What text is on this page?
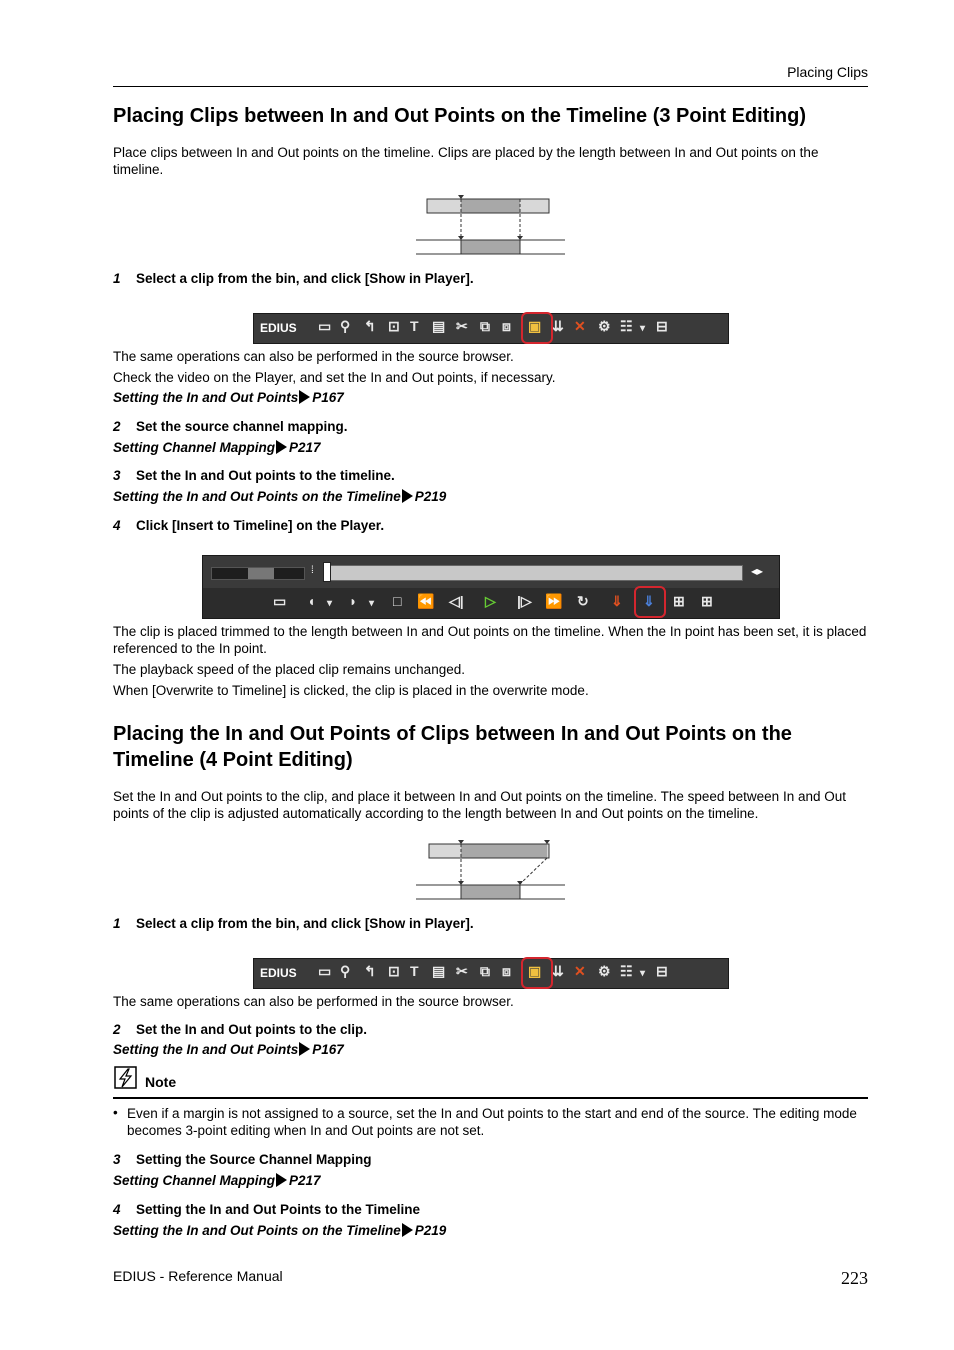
Placing Clips
Placing Clips between In and Out Points on the Timeline (3 Point Editing)
Place clips between In and Out points on the timeline. Clips are placed by the length between In and Out points on the timeline.
1 Select a clip from the bin, and click [Show in Player].
EDIUS ▭ ⚲ ↰ ⊡ T ▤ ✂ ⧉ ⧈ ▣ ⇊ ✕ ⚙ ☷ ▾ ⊟
The same operations can also be performed in the source browser.
Check the video on the Player, and set the In and Out points, if necessary.
Setting the In and Out Points P167
2 Set the source channel mapping.
Setting Channel Mapping P217
3 Set the In and Out points to the timeline.
Setting the In and Out Points on the Timeline P219
4 Click [Insert to Timeline] on the Player.
⁞	◂▸
▭ ◖ ▾ ◗ ▾ □ ⏪ ◁| ▷ |▷ ⏩ ↻ ⇓ ⇓ ⊞ ⊞
The clip is placed trimmed to the length between In and Out points on the timeline. When the In point has been set, it is placed referenced to the In point.
The playback speed of the placed clip remains unchanged.
When [Overwrite to Timeline] is clicked, the clip is placed in the overwrite mode.
Placing the In and Out Points of Clips between In and Out Points on the Timeline (4 Point Editing)
Set the In and Out points to the clip, and place it between In and Out points on the timeline. The speed between In and Out points of the clip is adjusted automatically according to the length between In and Out points on the timeline.
1 Select a clip from the bin, and click [Show in Player].
EDIUS ▭ ⚲ ↰ ⊡ T ▤ ✂ ⧉ ⧈ ▣ ⇊ ✕ ⚙ ☷ ▾ ⊟
The same operations can also be performed in the source browser.
2 Set the In and Out points to the clip.
Setting the In and Out Points P167
Note
• Even if a margin is not assigned to a source, set the In and Out points to the start and end of the source. The editing mode becomes 3-point editing when In and Out points are not set.
3 Setting the Source Channel Mapping
Setting Channel Mapping P217
4 Setting the In and Out Points to the Timeline
Setting the In and Out Points on the Timeline P219
EDIUS - Reference Manual	223
